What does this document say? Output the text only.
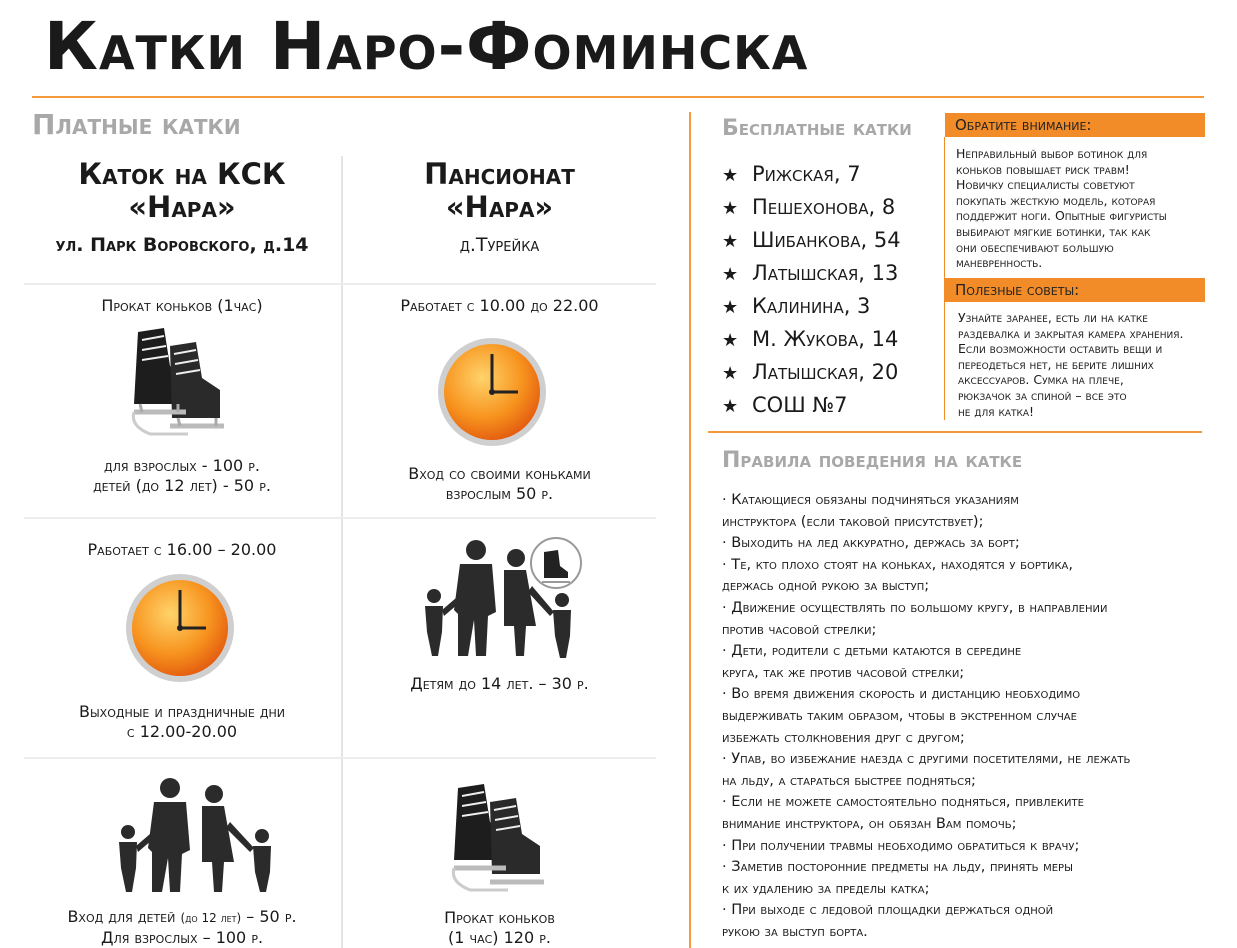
Катки Наро-Фоминска
Платные катки
Каток на КСК
«Нара»
ул. Парк Воровского, д.14
Пансионат
«Нара»
д.Турейка
Прокат коньков (1час)
для взрослых - 100 р.
детей (до 12 лет) - 50 р.
Работает с 10.00 до 22.00
Вход со своими коньками
взрослым 50 р.
Работает с 16.00 – 20.00
Выходные и праздничные дни
с 12.00-20.00
Детям до 14 лет. – 30 р.
Вход для детей (до 12 лет) – 50 р.
Для взрослых – 100 р.
Прокат коньков
(1 час) 120 р.
Бесплатные катки
★ Рижская, 7
★ Пешехонова, 8
★ Шибанкова, 54
★ Латышская, 13
★ Калинина, 3
★ М. Жукова, 14
★ Латышская, 20
★ СОШ №7
Обратите внимание:
Неправильный выбор ботинок для
коньков повышает риск травм!
Новичку специалисты советуют
покупать жесткую модель, которая
поддержит ноги. Опытные фигуристы
выбирают мягкие ботинки, так как
они обеспечивают большую
маневренность.
Полезные советы:
Узнайте заранее, есть ли на катке
раздевалка и закрытая камера хранения.
Если возможности оставить вещи и
переодеться нет, не берите лишних
аксессуаров. Сумка на плече,
рюкзачок за спиной – все это
не для катка!
Правила поведения на катке
· Катающиеся обязаны подчиняться указаниям
инструктора (если таковой присутствует);
· Выходить на лед аккуратно, держась за борт;
· Те, кто плохо стоят на коньках, находятся у бортика,
держась одной рукою за выступ;
· Движение осуществлять по большому кругу, в направлении
против часовой стрелки;
· Дети, родители с детьми катаются в середине
круга, так же против часовой стрелки;
· Во время движения скорость и дистанцию необходимо
выдерживать таким образом, чтобы в экстренном случае
избежать столкновения друг с другом;
· Упав, во избежание наезда с другими посетителями, не лежать
на льду, а стараться быстрее подняться;
· Если не можете самостоятельно подняться, привлеките
внимание инструктора, он обязан Вам помочь;
· При получении травмы необходимо обратиться к врачу;
· Заметив посторонние предметы на льду, принять меры
к их удалению за пределы катка;
· При выходе с ледовой площадки держаться одной
рукою за выступ борта.
